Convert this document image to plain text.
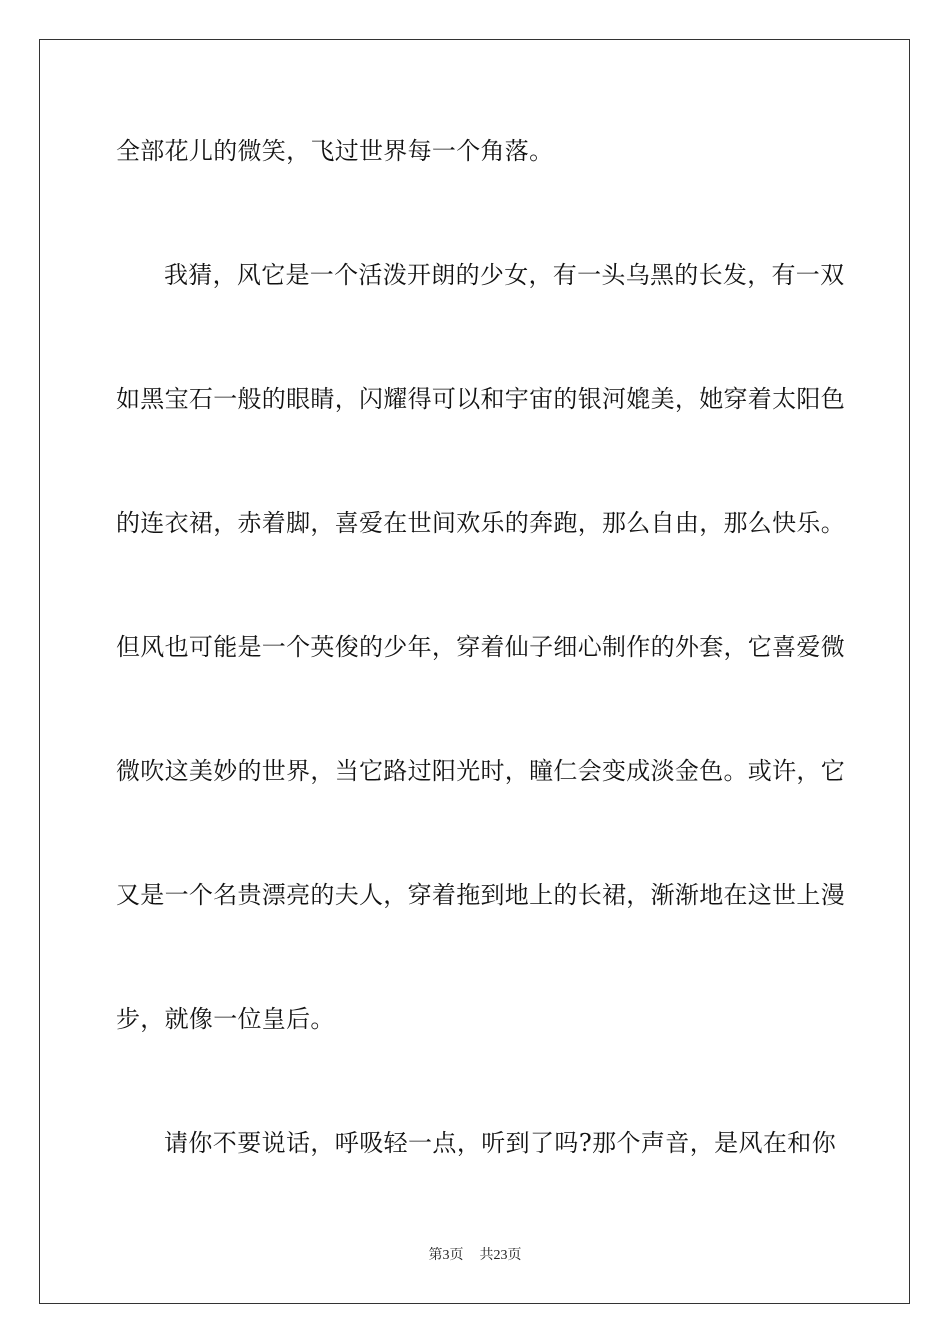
全部花儿的微笑，飞过世界每一个角落。
我猜，风它是一个活泼开朗的少女，有一头乌黑的长发，有一双
如黑宝石一般的眼睛，闪耀得可以和宇宙的银河媲美，她穿着太阳色
的连衣裙，赤着脚，喜爱在世间欢乐的奔跑，那么自由，那么快乐。
但风也可能是一个英俊的少年，穿着仙子细心制作的外套，它喜爱微
微吹这美妙的世界，当它路过阳光时，瞳仁会变成淡金色。或许，它
又是一个名贵漂亮的夫人，穿着拖到地上的长裙，渐渐地在这世上漫
步，就像一位皇后。
请你不要说话，呼吸轻一点，听到了吗?那个声音，是风在和你
第3页 共23页
